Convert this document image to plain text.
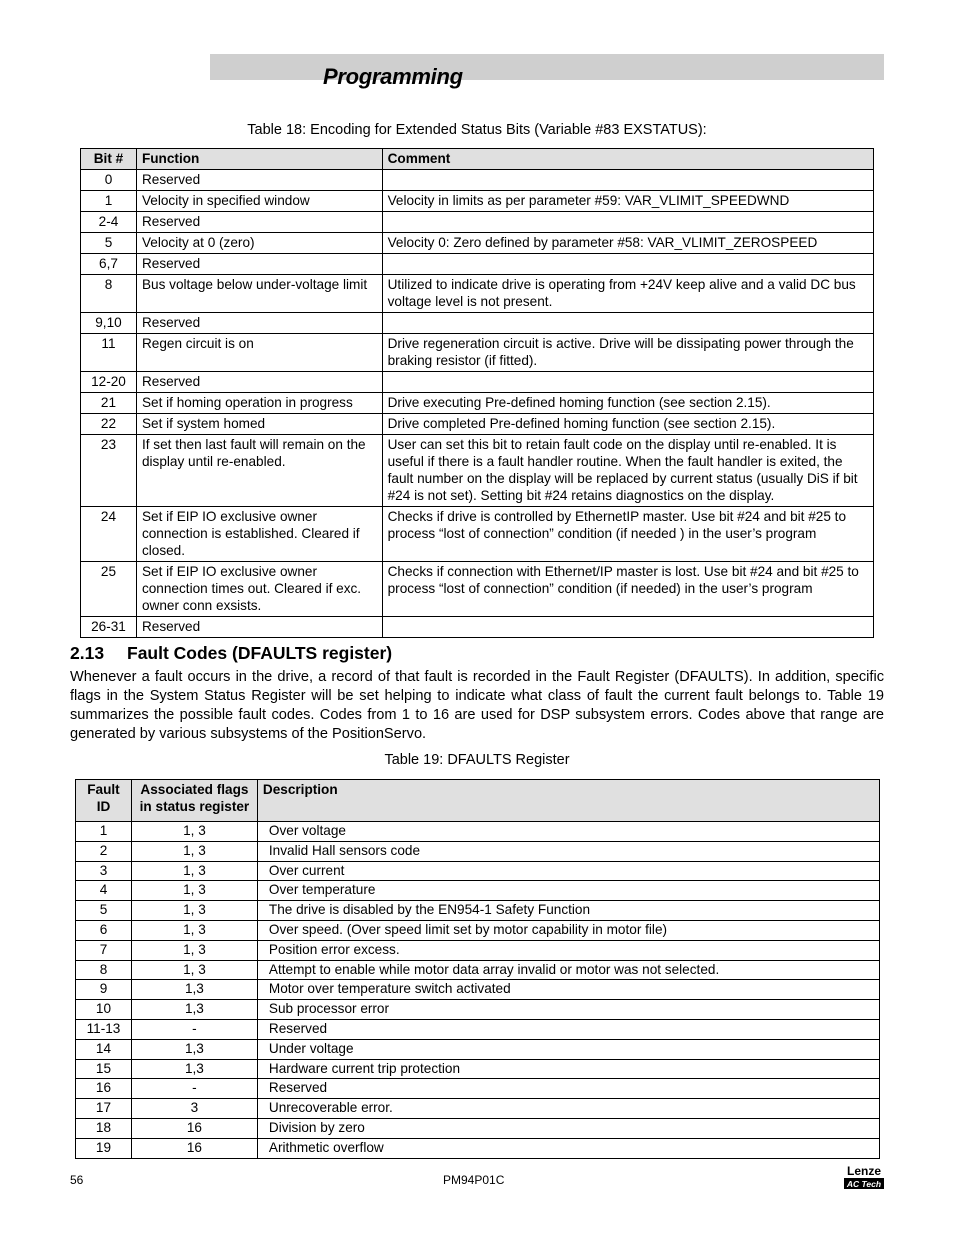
Programming
Table 18: Encoding for Extended Status Bits (Variable #83 EXSTATUS):
Bit #	Function	Comment
0	Reserved	
1	Velocity in specified window	Velocity in limits as per parameter #59: VAR_VLIMIT_SPEEDWND
2-4	Reserved	
5	Velocity at 0 (zero)	Velocity 0: Zero defined by parameter #58: VAR_VLIMIT_ZEROSPEED
6,7	Reserved	
8	Bus voltage below under-voltage limit	Utilized to indicate drive is operating from +24V keep alive and a valid DC bus voltage level is not present.
9,10	Reserved	
11	Regen circuit is on	Drive regeneration circuit is active. Drive will be dissipating power through the braking resistor (if fitted).
12-20	Reserved	
21	Set if homing operation in progress	Drive executing Pre-defined homing function (see section 2.15).
22	Set if system homed	Drive completed Pre-defined homing function (see section 2.15).
23	If set then last fault will remain on the display until re-enabled.	User can set this bit to retain fault code on the display until re-enabled. It is useful if there is a fault handler routine. When the fault handler is exited, the fault number on the display will be replaced by current status (usually DiS if bit #24 is not set). Setting bit #24 retains diagnostics on the display.
24	Set if EIP IO exclusive owner connection is established. Cleared if closed.	Checks if drive is controlled by EthernetIP master. Use bit #24 and bit #25 to process “lost of connection” condition (if needed ) in the user’s program
25	Set if EIP IO exclusive owner connection times out. Cleared if exc. owner conn exsists.	Checks if connection with Ethernet/IP master is lost. Use bit #24 and bit #25 to process “lost of connection” condition (if needed) in the user’s program
26-31	Reserved	
2.13 Fault Codes (DFAULTS register)
Whenever a fault occurs in the drive, a record of that fault is recorded in the Fault Register (DFAULTS). In addition, specific flags in the System Status Register will be set helping to indicate what class of fault the current fault belongs to. Table 19 summarizes the possible fault codes. Codes from 1 to 16 are used for DSP subsystem errors. Codes above that range are generated by various subsystems of the PositionServo.
Table 19: DFAULTS Register
Fault ID	Associated flags in status register	Description
1	1, 3	Over voltage
2	1, 3	Invalid Hall sensors code
3	1, 3	Over current
4	1, 3	Over temperature
5	1, 3	The drive is disabled by the EN954-1 Safety Function
6	1, 3	Over speed. (Over speed limit set by motor capability in motor file)
7	1, 3	Position error excess.
8	1, 3	Attempt to enable while motor data array invalid or motor was not selected.
9	1,3	Motor over temperature switch activated
10	1,3	Sub processor error
11-13	-	Reserved
14	1,3	Under voltage
15	1,3	Hardware current trip protection
16	-	Reserved
17	3	Unrecoverable error.
18	16	Division by zero
19	16	Arithmetic overflow
56	PM94P01C
Lenze
AC Tech
